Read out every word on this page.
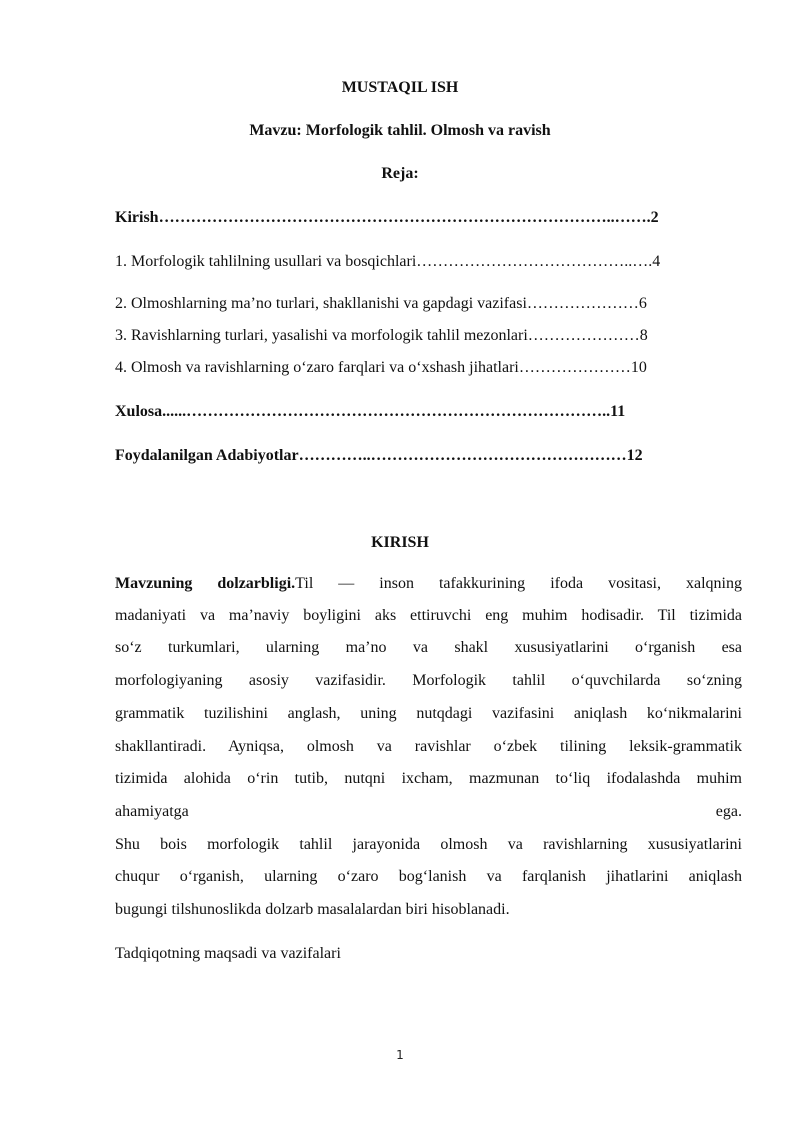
MUSTAQIL ISH

Mavzu: Morfologik tahlil. Olmosh va ravish

Reja:

Kirish…………………………………………………………………………..…….2

1. Morfologik tahlilning usullari va bosqichlari…………………………………..….4

2. Olmoshlarning ma’no turlari, shakllanishi va gapdagi vazifasi…………………6

3. Ravishlarning turlari, yasalishi va morfologik tahlil mezonlari…………………8

4. Olmosh va ravishlarning o‘zaro farqlari va o‘xshash jihatlari…………………10

Xulosa......……………………………………………………………………..11

Foydalanilgan Adabiyotlar…………..…………………………………………12

KIRISH

Mavzuning dolzarbligi.Til — inson tafakkurining ifoda vositasi, xalqning

madaniyati va ma’naviy boyligini aks ettiruvchi eng muhim hodisadir. Til tizimida

so‘z turkumlari, ularning ma’no va shakl xususiyatlarini o‘rganish esa

morfologiyaning asosiy vazifasidir. Morfologik tahlil o‘quvchilarda so‘zning

grammatik tuzilishini anglash, uning nutqdagi vazifasini aniqlash ko‘nikmalarini

shakllantiradi. Ayniqsa, olmosh va ravishlar o‘zbek tilining leksik-grammatik

tizimida alohida o‘rin tutib, nutqni ixcham, mazmunan to‘liq ifodalashda muhim

ahamiyatga ega.

Shu bois morfologik tahlil jarayonida olmosh va ravishlarning xususiyatlarini

chuqur o‘rganish, ularning o‘zaro bog‘lanish va farqlanish jihatlarini aniqlash

bugungi tilshunoslikda dolzarb masalalardan biri hisoblanadi.

Tadqiqotning maqsadi va vazifalari

1
